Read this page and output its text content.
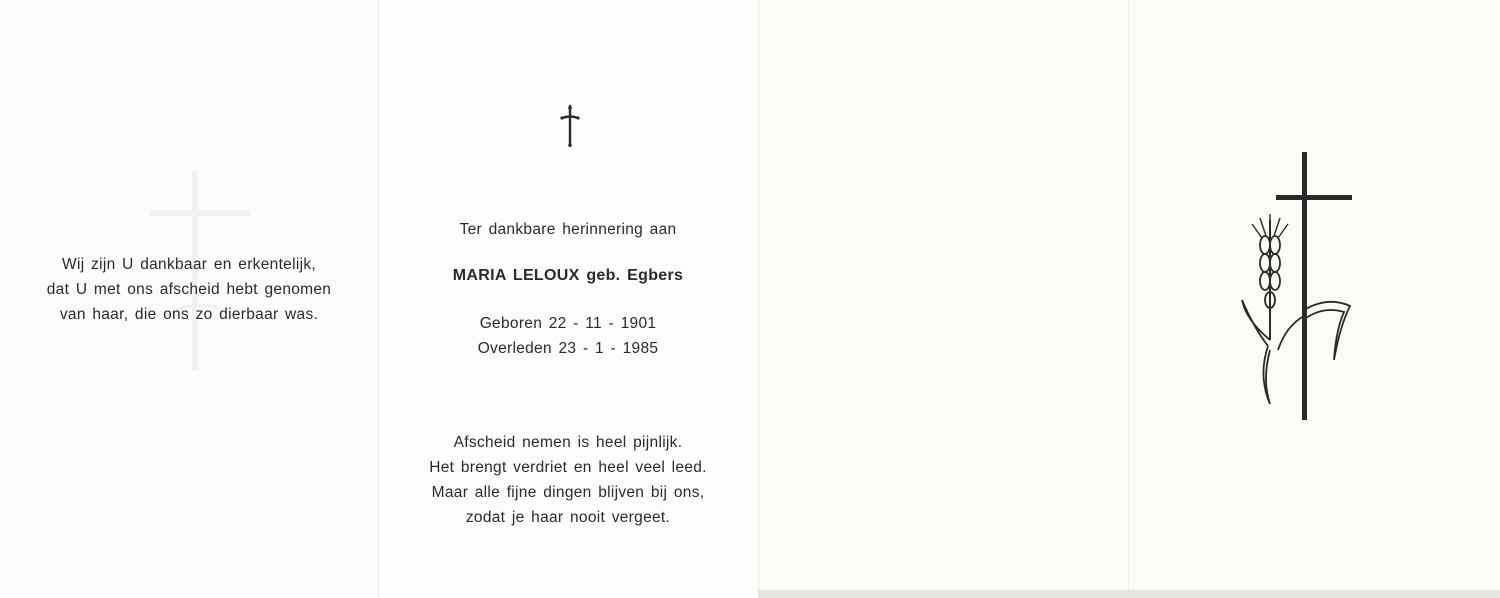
Wij zijn U dankbaar en erkentelijk,
dat U met ons afscheid hebt genomen
van haar, die ons zo dierbaar was.
Ter dankbare herinnering aan
MARIA LELOUX geb. Egbers
Geboren 22 - 11 - 1901
Overleden 23 - 1 - 1985
Afscheid nemen is heel pijnlijk.
Het brengt verdriet en heel veel leed.
Maar alle fijne dingen blijven bij ons,
zodat je haar nooit vergeet.
